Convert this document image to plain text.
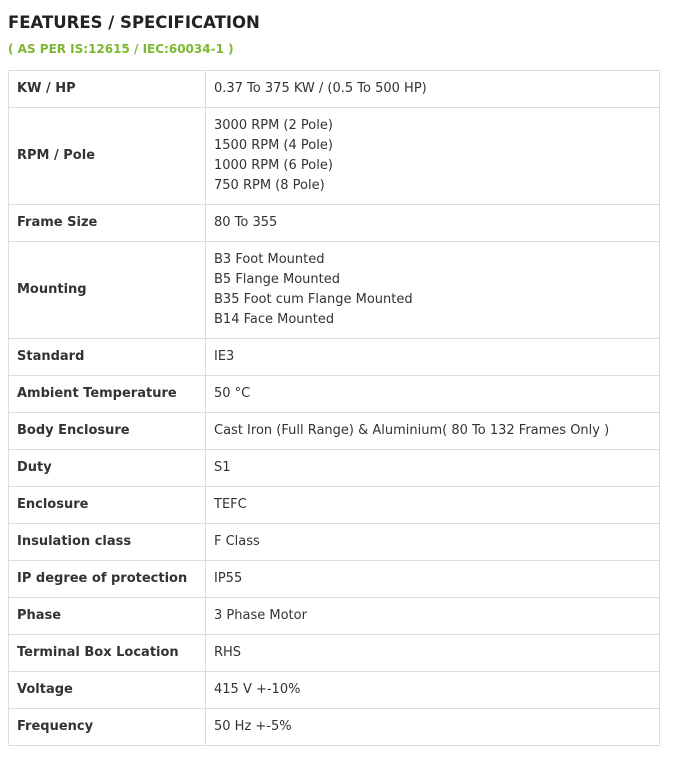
FEATURES / SPECIFICATION
( AS PER IS:12615 / IEC:60034-1 )
KW / HP	0.37 To 375 KW / (0.5 To 500 HP)

RPM / Pole	3000 RPM (2 Pole)
1500 RPM (4 Pole)
1000 RPM (6 Pole)
750 RPM (8 Pole)

Frame Size	80 To 355

Mounting	B3 Foot Mounted
B5 Flange Mounted
B35 Foot cum Flange Mounted
B14 Face Mounted

Standard	IE3

Ambient Temperature	50 °C

Body Enclosure	Cast Iron (Full Range) & Aluminium( 80 To 132 Frames Only )

Duty	S1

Enclosure	TEFC

Insulation class	F Class

IP degree of protection	IP55

Phase	3 Phase Motor

Terminal Box Location	RHS

Voltage	415 V +-10%

Frequency	50 Hz +-5%
